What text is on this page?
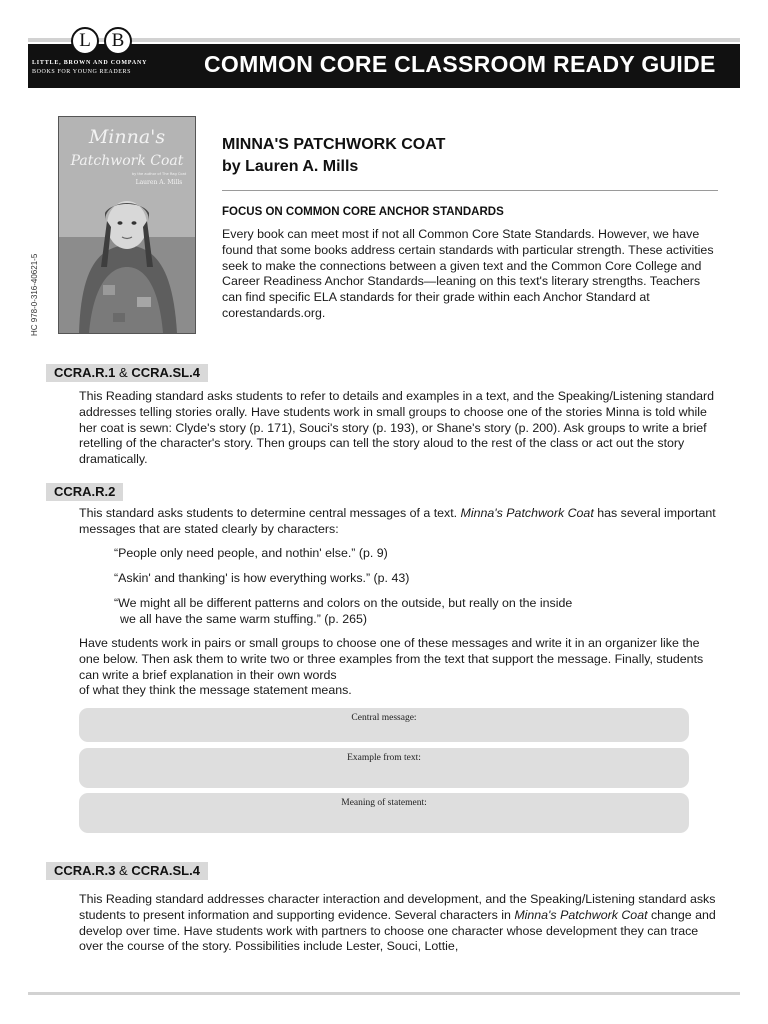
L	B
LITTLE, BROWN AND COMPANY
BOOKS FOR YOUNG READERS	COMMON CORE CLASSROOM READY GUIDE
Minna's
Patchwork Coat
by the author of The Rag Coat
Lauren A. Mills
HC 978-0-316-40621-5
MINNA'S PATCHWORK COAT
by Lauren A. Mills
FOCUS ON COMMON CORE ANCHOR STANDARDS
Every book can meet most if not all Common Core State Standards. However, we have found that some books address certain standards with particular strength. These activities seek to make the connections between a given text and the Common Core College and Career Readiness Anchor Standards—leaning on this text's literary strengths. Teachers can find specific ELA standards for their grade within each Anchor Standard at corestandards.org.
CCRA.R.1 & CCRA.SL.4
This Reading standard asks students to refer to details and examples in a text, and the Speaking/Listening standard addresses telling stories orally. Have students work in small groups to choose one of the stories Minna is told while her coat is sewn: Clyde's story (p. 171), Souci's story (p. 193), or Shane's story (p. 200). Ask groups to write a brief retelling of the character's story. Then groups can tell the story aloud to the rest of the class or act out the story dramatically.
CCRA.R.2
This standard asks students to determine central messages of a text. Minna's Patchwork Coat has several important messages that are stated clearly by characters:
“People only need people, and nothin' else.” (p. 9)
“Askin' and thanking' is how everything works.” (p. 43)
“We might all be different patterns and colors on the outside, but really on the inside
we all have the same warm stuffing.” (p. 265)
Have students work in pairs or small groups to choose one of these messages and write it in an organizer like the one below. Then ask them to write two or three examples from the text that support the message. Finally, students can write a brief explanation in their own words
of what they think the message statement means.
Central message:
Example from text:
Meaning of statement:
CCRA.R.3 & CCRA.SL.4
This Reading standard addresses character interaction and development, and the Speaking/Listening standard asks students to present information and supporting evidence. Several characters in Minna's Patchwork Coat change and develop over time. Have students work with partners to choose one character whose development they can trace over the course of the story. Possibilities include Lester, Souci, Lottie,
